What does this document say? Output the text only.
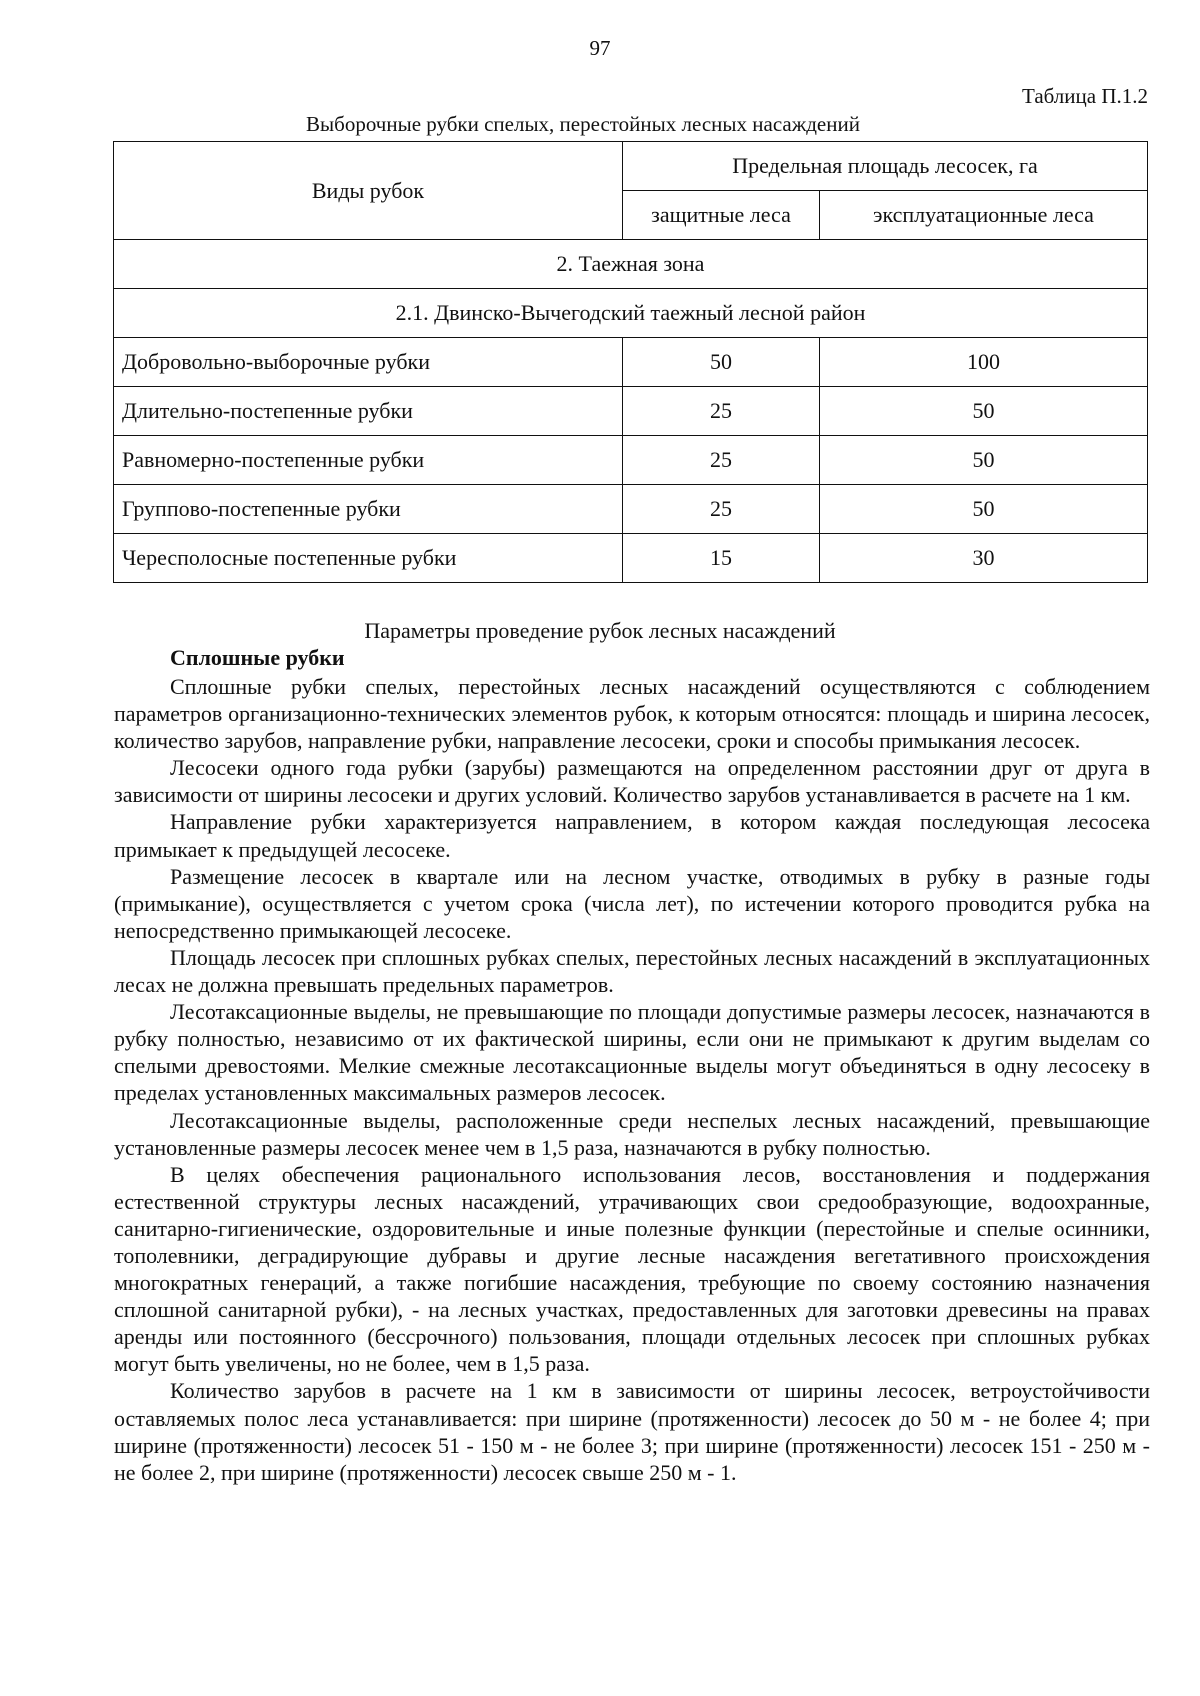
97
Таблица П.1.2
Выборочные рубки спелых, перестойных лесных насаждений
Виды рубок	Предельная площадь лесосек, га	
	защитные леса	эксплуатационные леса
2. Таежная зона		
2.1. Двинско-Вычегодский таежный лесной район		
Добровольно-выборочные рубки	50	100
Длительно-постепенные рубки	25	50
Равномерно-постепенные рубки	25	50
Группово-постепенные рубки	25	50
Чересполосные постепенные рубки	15	30
Параметры проведение рубок лесных насаждений
Сплошные рубки

Сплошные рубки спелых, перестойных лесных насаждений осуществляются с соблюдением параметров организационно-технических элементов рубок, к которым относятся: площадь и ширина лесосек, количество зарубов, направление рубки, направление лесосеки, сроки и способы примыкания лесосек.

Лесосеки одного года рубки (зарубы) размещаются на определенном расстоянии друг от друга в зависимости от ширины лесосеки и других условий. Количество зарубов устанавливается в расчете на 1 км.

Направление рубки характеризуется направлением, в котором каждая последующая лесосека примыкает к предыдущей лесосеке.

Размещение лесосек в квартале или на лесном участке, отводимых в рубку в разные годы (примыкание), осуществляется с учетом срока (числа лет), по истечении которого проводится рубка на непосредственно примыкающей лесосеке.

Площадь лесосек при сплошных рубках спелых, перестойных лесных насаждений в эксплуатационных лесах не должна превышать предельных параметров.

Лесотаксационные выделы, не превышающие по площади допустимые размеры лесосек, назначаются в рубку полностью, независимо от их фактической ширины, если они не примыкают к другим выделам со спелыми древостоями. Мелкие смежные лесотаксационные выделы могут объединяться в одну лесосеку в пределах установленных максимальных размеров лесосек.

Лесотаксационные выделы, расположенные среди неспелых лесных насаждений, превышающие установленные размеры лесосек менее чем в 1,5 раза, назначаются в рубку полностью.

В целях обеспечения рационального использования лесов, восстановления и поддержания естественной структуры лесных насаждений, утрачивающих свои средообразующие, водоохранные, санитарно-гигиенические, оздоровительные и иные полезные функции (перестойные и спелые осинники, тополевники, деградирующие дубравы и другие лесные насаждения вегетативного происхождения многократных генераций, а также погибшие насаждения, требующие по своему состоянию назначения сплошной санитарной рубки), - на лесных участках, предоставленных для заготовки древесины на правах аренды или постоянного (бессрочного) пользования, площади отдельных лесосек при сплошных рубках могут быть увеличены, но не более, чем в 1,5 раза.

Количество зарубов в расчете на 1 км в зависимости от ширины лесосек, ветроустойчивости оставляемых полос леса устанавливается: при ширине (протяженности) лесосек до 50 м - не более 4; при ширине (протяженности) лесосек 51 - 150 м - не более 3; при ширине (протяженности) лесосек 151 - 250 м - не более 2, при ширине (протяженности) лесосек свыше 250 м - 1.
